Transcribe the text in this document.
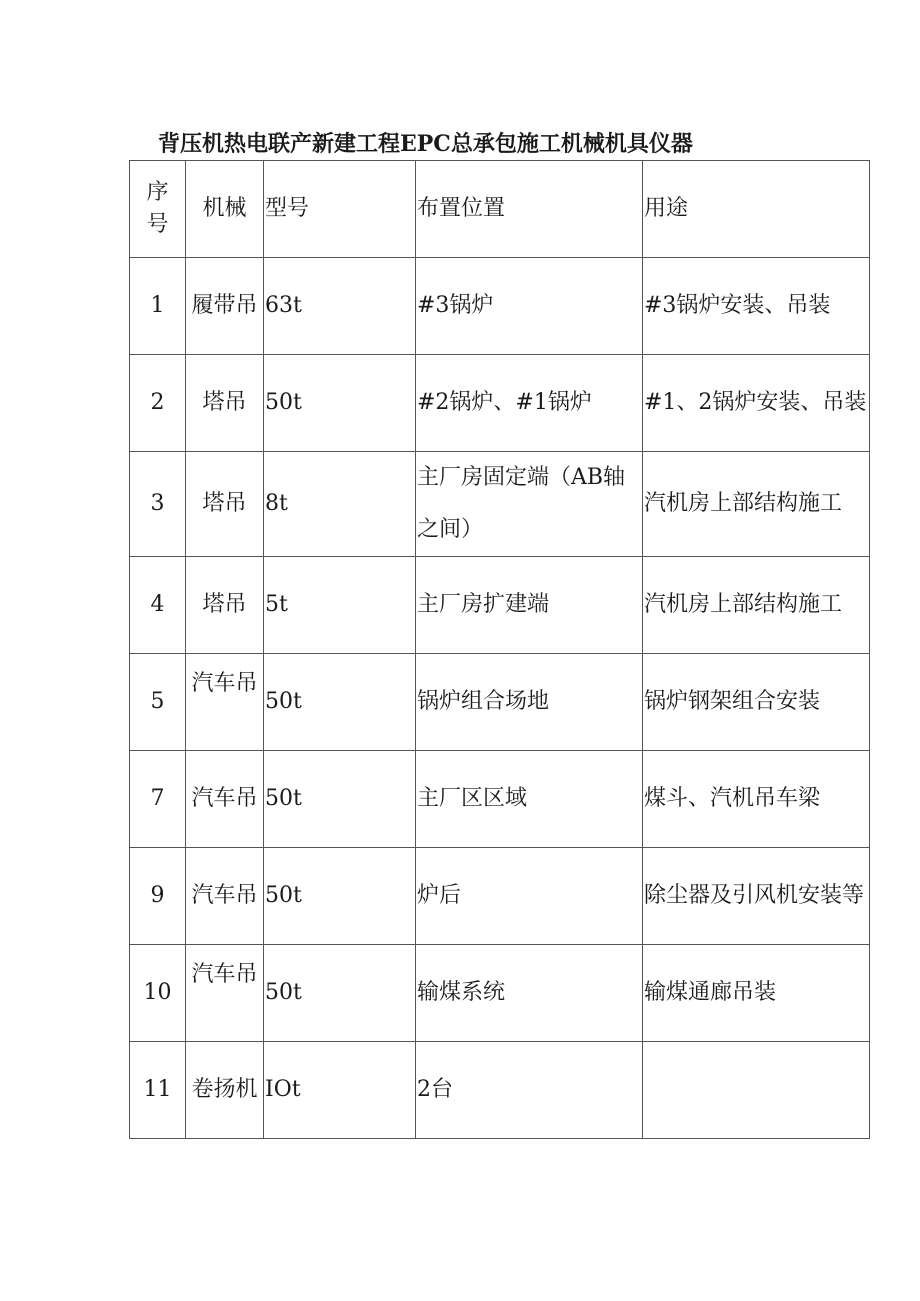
背压机热电联产新建工程EPC总承包施工机械机具仪器
序
号	机械	型号	布置位置	用途
1	履带吊	63t	#3锅炉	#3锅炉安装、吊装
2	塔吊	50t	#2锅炉、#1锅炉	#1、2锅炉安装、吊装
3	塔吊	8t	主厂房固定端（AB轴之间）	汽机房上部结构施工
4	塔吊	5t	主厂房扩建端	汽机房上部结构施工
5	汽车吊	50t	锅炉组合场地	锅炉钢架组合安装
7	汽车吊	50t	主厂区区域	煤斗、汽机吊车梁
9	汽车吊	50t	炉后	除尘器及引风机安装等
10	汽车吊	50t	输煤系统	输煤通廊吊装
11	卷扬机	IOt	2台	
